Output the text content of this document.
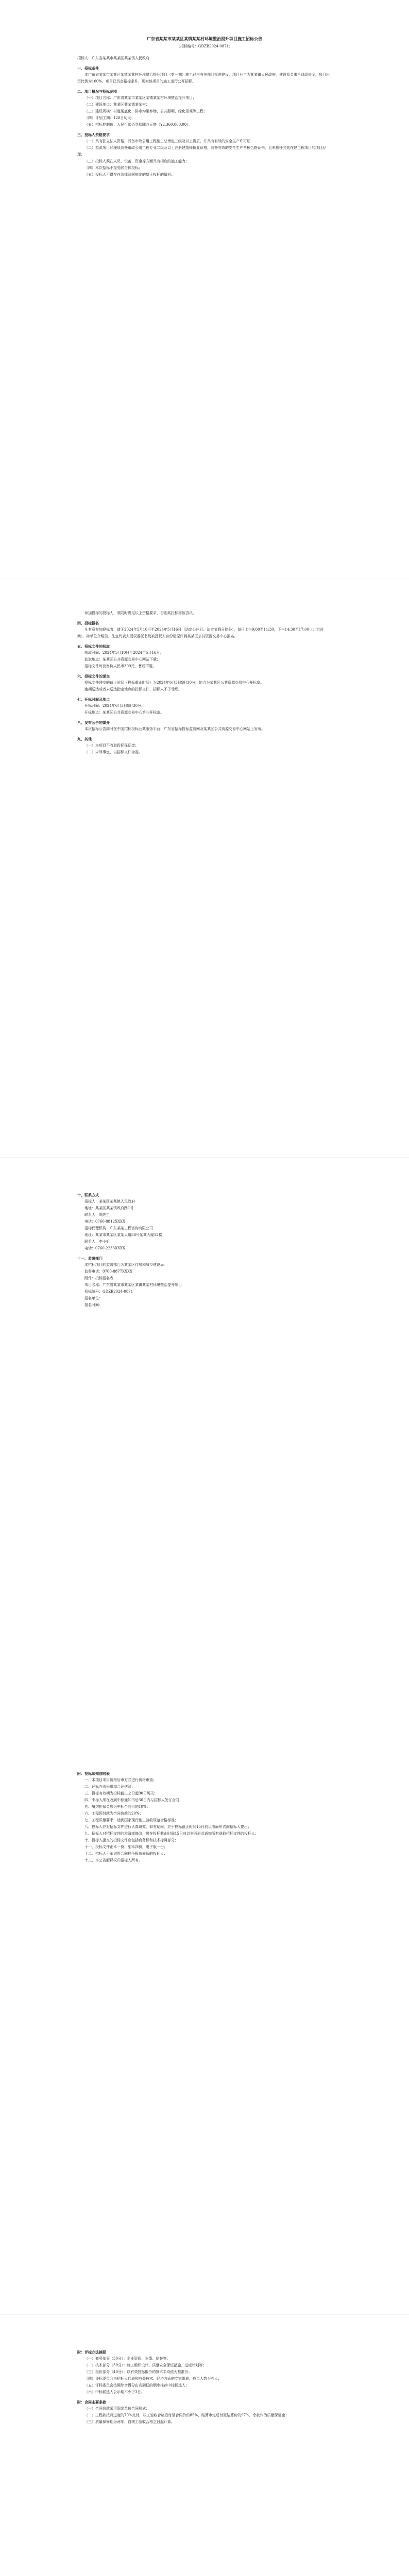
广东省某某市某某区某镇某某村环境整治提升项目施工招标公告
（招标编号：GDZB2024-0871）

招标人：广东省某某市某某区某某镇人民政府

一、招标条件

本广东省某某市某某区某镇某某村环境整治提升项目（第一期）施工已由有关部门批准建设，项目业主为某某镇人民政府，建设资金来自财政资金，项目出资比例为100%。项目已具备招标条件，现对该项目的施工进行公开招标。

二、项目概况与招标范围

（一）项目名称：广东省某某市某某区某镇某某村环境整治提升项目；

（二）建设地点：某某区某某镇某某村；

（三）建设规模：村道硬底化、排水沟渠修缮、公共照明、绿化景观等工程；

（四）计划工期：120日历天；

（五）招标控制价：人民币贰佰叁拾陆万元整（¥2,360,000.00）。

三、投标人资格要求

（一）具有独立法人资格，具备市政公用工程施工总承包三级及以上资质，并具有有效的安全生产许可证；

（二）拟派项目经理须具备市政公用工程专业二级及以上注册建造师执业资格，具备有效的安全生产考核合格证书，且未担任其他在建工程项目的项目经理；

（三）投标人须在人员、设备、资金等方面具有相应的施工能力；

（四）本次招标不接受联合体投标；

（五）投标人不得存在法律法规规定的禁止投标的情形。

参加投标的投标人，须同时满足以上资格要求，否则其投标将被否决。

四、投标报名

凡有意参加投标者，请于2024年5月10日至2024年5月16日（法定公休日、法定节假日除外），每日上午9:00至11:30，下午14:30至17:00（北京时间），持单位介绍信、法定代表人授权委托书及被授权人身份证原件到某某区公共资源交易中心报名。

五、招标文件的获取

获取时间：2024年5月10日至2024年5月16日；

获取地点：某某区公共资源交易中心网站下载；

招标文件每套售价人民币300元，售后不退。

六、投标文件的递交

投标文件递交的截止时间（投标截止时间）为2024年6月3日9时30分，地点为某某区公共资源交易中心开标室。

逾期送达或者未送达指定地点的投标文件，招标人不予受理。

七、开标时间及地点

开标时间：2024年6月3日9时30分；

开标地点：某某区公共资源交易中心第三开标室。

八、发布公告的媒介

本次招标公告同时在中国招标投标公共服务平台、广东省招标投标监管网及某某区公共资源交易中心网站上发布。

九、其他

（一）本项目不收取投标保证金；

（二）未尽事宜，以招标文件为准。

十、联系方式

招标人：某某区某某镇人民政府

地址：某某区某某镇政府路1号

联系人：陈先生

电话：0760-8812XXXX

招标代理机构：广东某某工程咨询有限公司

地址：某某市某某区某某大道88号某某大厦12楼

联系人：李小姐

电话：0760-2233XXXX

十一、监督部门

本招标项目的监督部门为某某区住房和城乡建设局。

监督电话：0760-8877XXXX

附件：投标报名表

项目名称：广东省某某市某某区某镇某某村环境整治提升项目

招标编号：GDZB2024-0871

报名单位：

报名时间：

附：投标须知前附表

一、本项目采用资格后审方式进行资格审查；

二、评标办法采用综合评估法；

三、投标有效期为投标截止之日起90日历天；

四、中标人须在收到中标通知书后30日内与招标人签订合同；

五、履约担保金额为中标合同价的10%；

六、工程预付款为合同价款的20%；

七、工程质量要求：达到国家现行施工验收规范合格标准；

八、投标人应对招标文件进行认真研究，如有疑问，应于投标截止时间15日前以书面形式向招标人提出；

九、招标人对招标文件的澄清或修改，将在投标截止时间15日前以书面形式通知所有获取招标文件的投标人；

十、投标人提交的投标文件应包括商务标和技术标两部分；

十一、投标文件正本一份，副本四份，电子版一份；

十二、招标人不承诺将合同授予报价最低的投标人；

十三、本公告解释权归招标人所有。

附：评标办法摘要

（一）商务部分（30分）：企业资质、业绩、信誉等；

（二）技术部分（30分）：施工组织设计、质量安全保证措施、进度计划等；

（三）报价部分（40分）：以有效投标报价的算术平均值为基准价；

（四）评标委员会由招标人代表和有关技术、经济方面的专家组成，成员人数为五人；

（五）评标委员会按照综合得分由高到低的顺序推荐中标候选人；

（六）中标候选人公示期不少于3日。

附：合同主要条款

（一）合同价款采用固定单价合同形式；

（二）工程款按月进度的70%支付，竣工验收合格后付至合同价的85%，结算审定后付至结算价的97%，余款作为质量保证金；

（三）质量保修期为两年，自竣工验收合格之日起计算。
